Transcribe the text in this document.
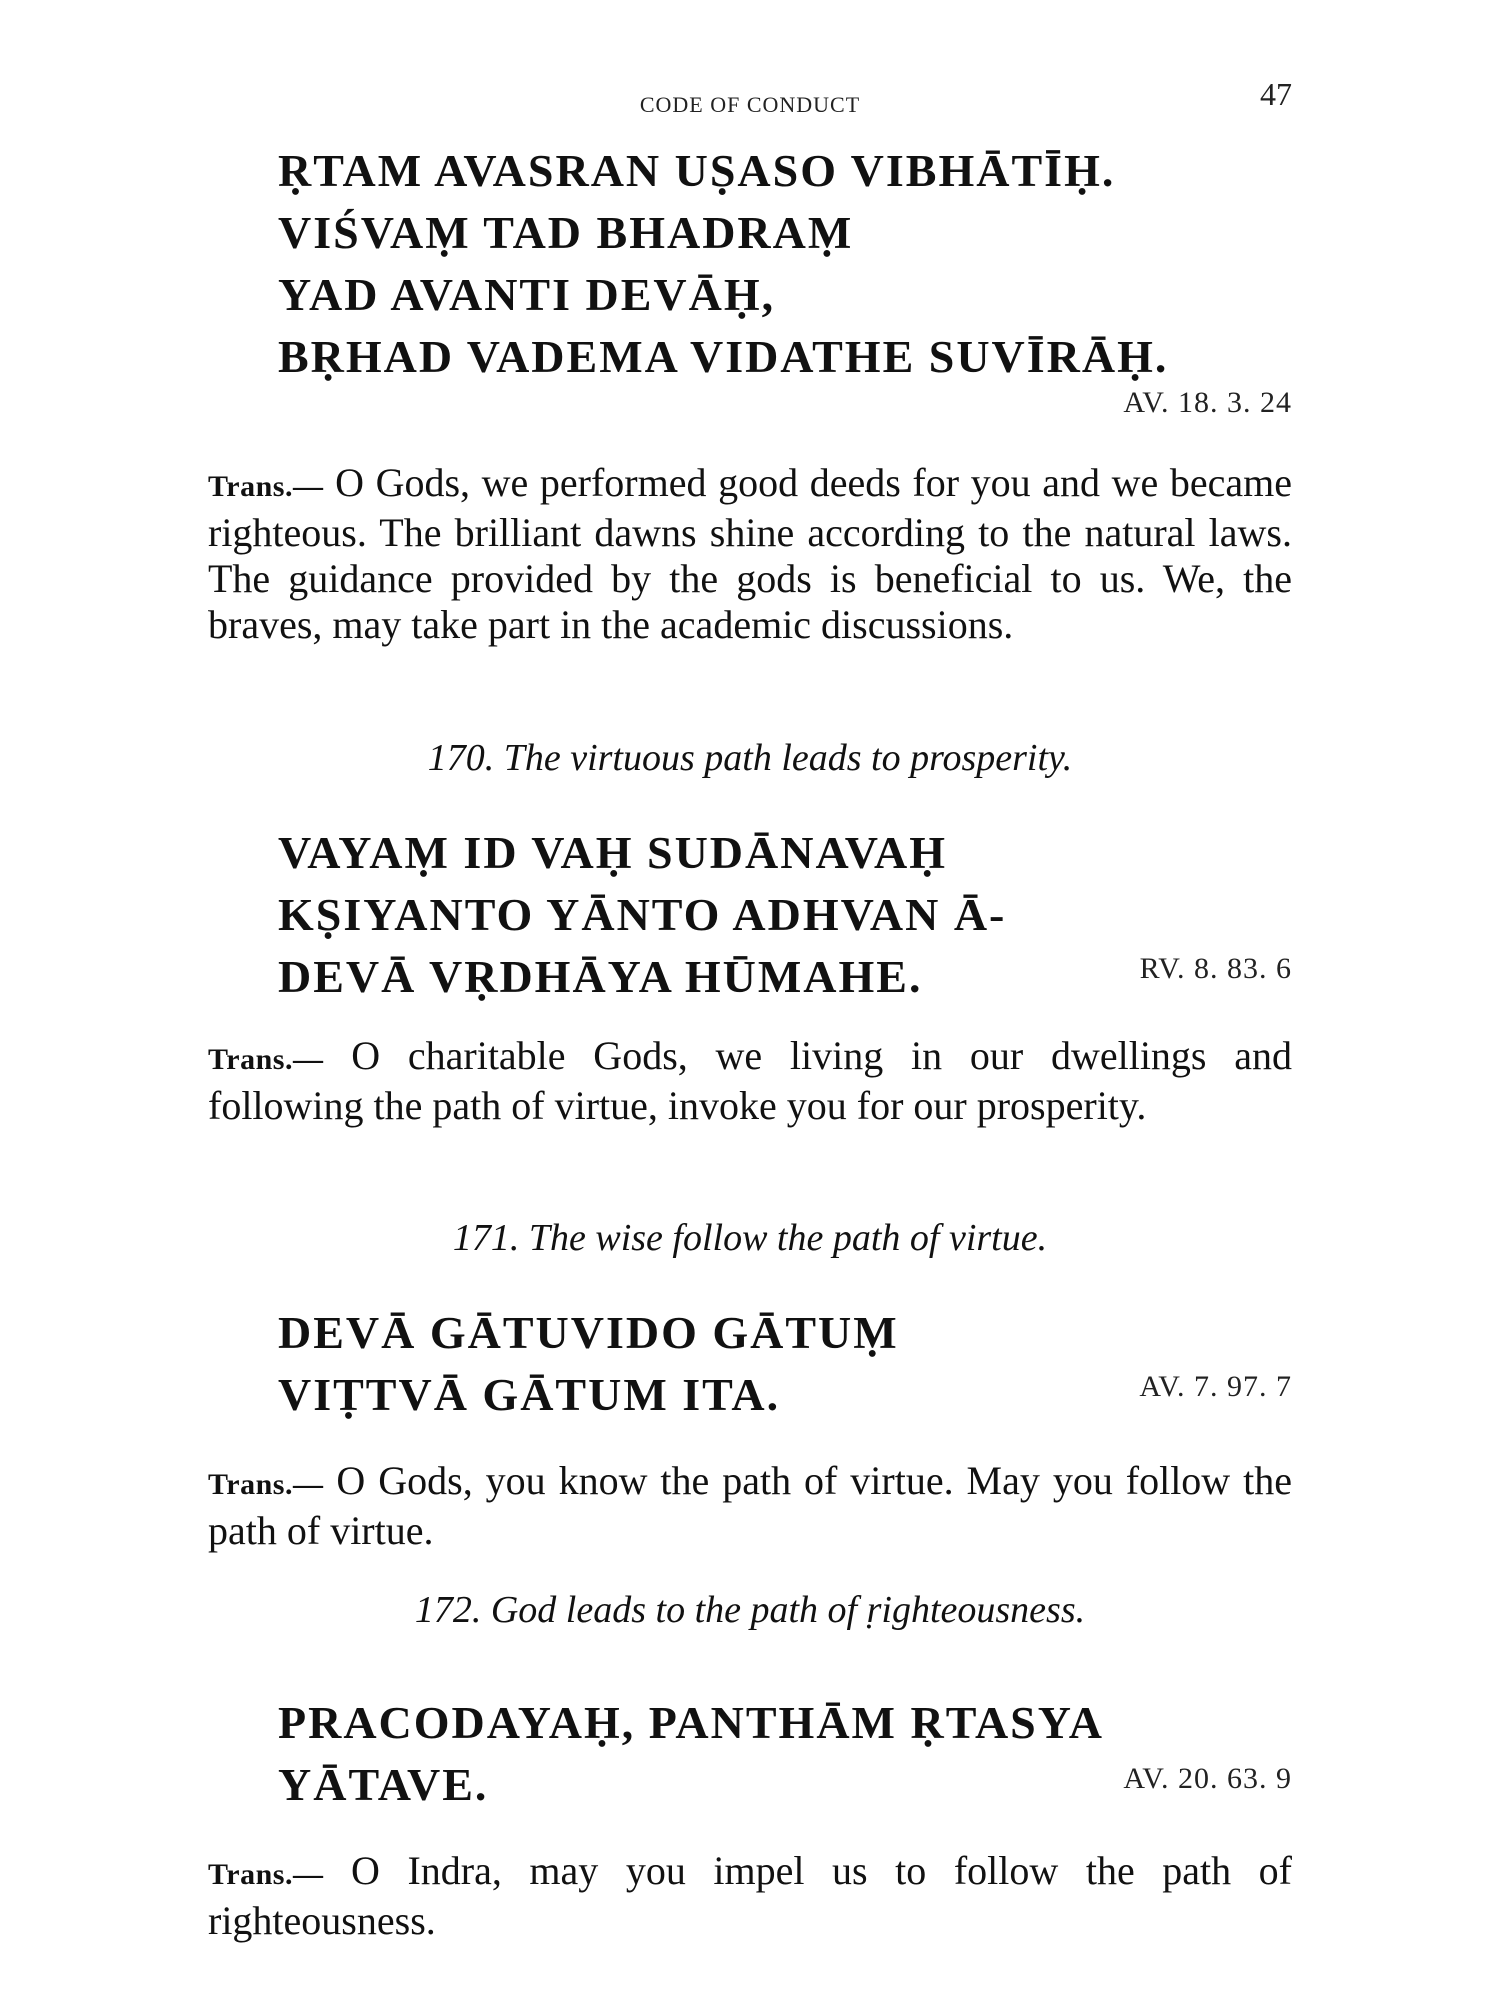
CODE OF CONDUCT	47
ṚTAM AVASRAN UṢASO VIBHĀTĪḤ.
VIŚVAṂ TAD BHADRAṂ
YAD AVANTI DEVĀḤ,
BṚHAD VADEMA VIDATHE SUVĪRĀḤ.
AV. 18. 3. 24
Trans.— O Gods, we performed good deeds for you and we became righteous. The brilliant dawns shine according to the natural laws. The guidance provided by the gods is beneficial to us. We, the braves, may take part in the academic discussions.
170. The virtuous path leads to prosperity.
VAYAṂ ID VAḤ SUDĀNAVAḤ
KṢIYANTO YĀNTO ADHVAN Ā-
DEVĀ VṚDHĀYA HŪMAHE.	RV. 8. 83. 6
Trans.— O charitable Gods, we living in our dwellings and following the path of virtue, invoke you for our prosperity.
171. The wise follow the path of virtue.
DEVĀ GĀTUVIDO GĀTUṂ
VIṬTVĀ GĀTUM ITA.	AV. 7. 97. 7
Trans.— O Gods, you know the path of virtue. May you follow the path of virtue.
172. God leads to the path of ṛighteousness.
PRACODAYAḤ, PANTHĀM ṚTASYA
YĀTAVE.	AV. 20. 63. 9
Trans.— O Indra, may you impel us to follow the path of righteousness.
